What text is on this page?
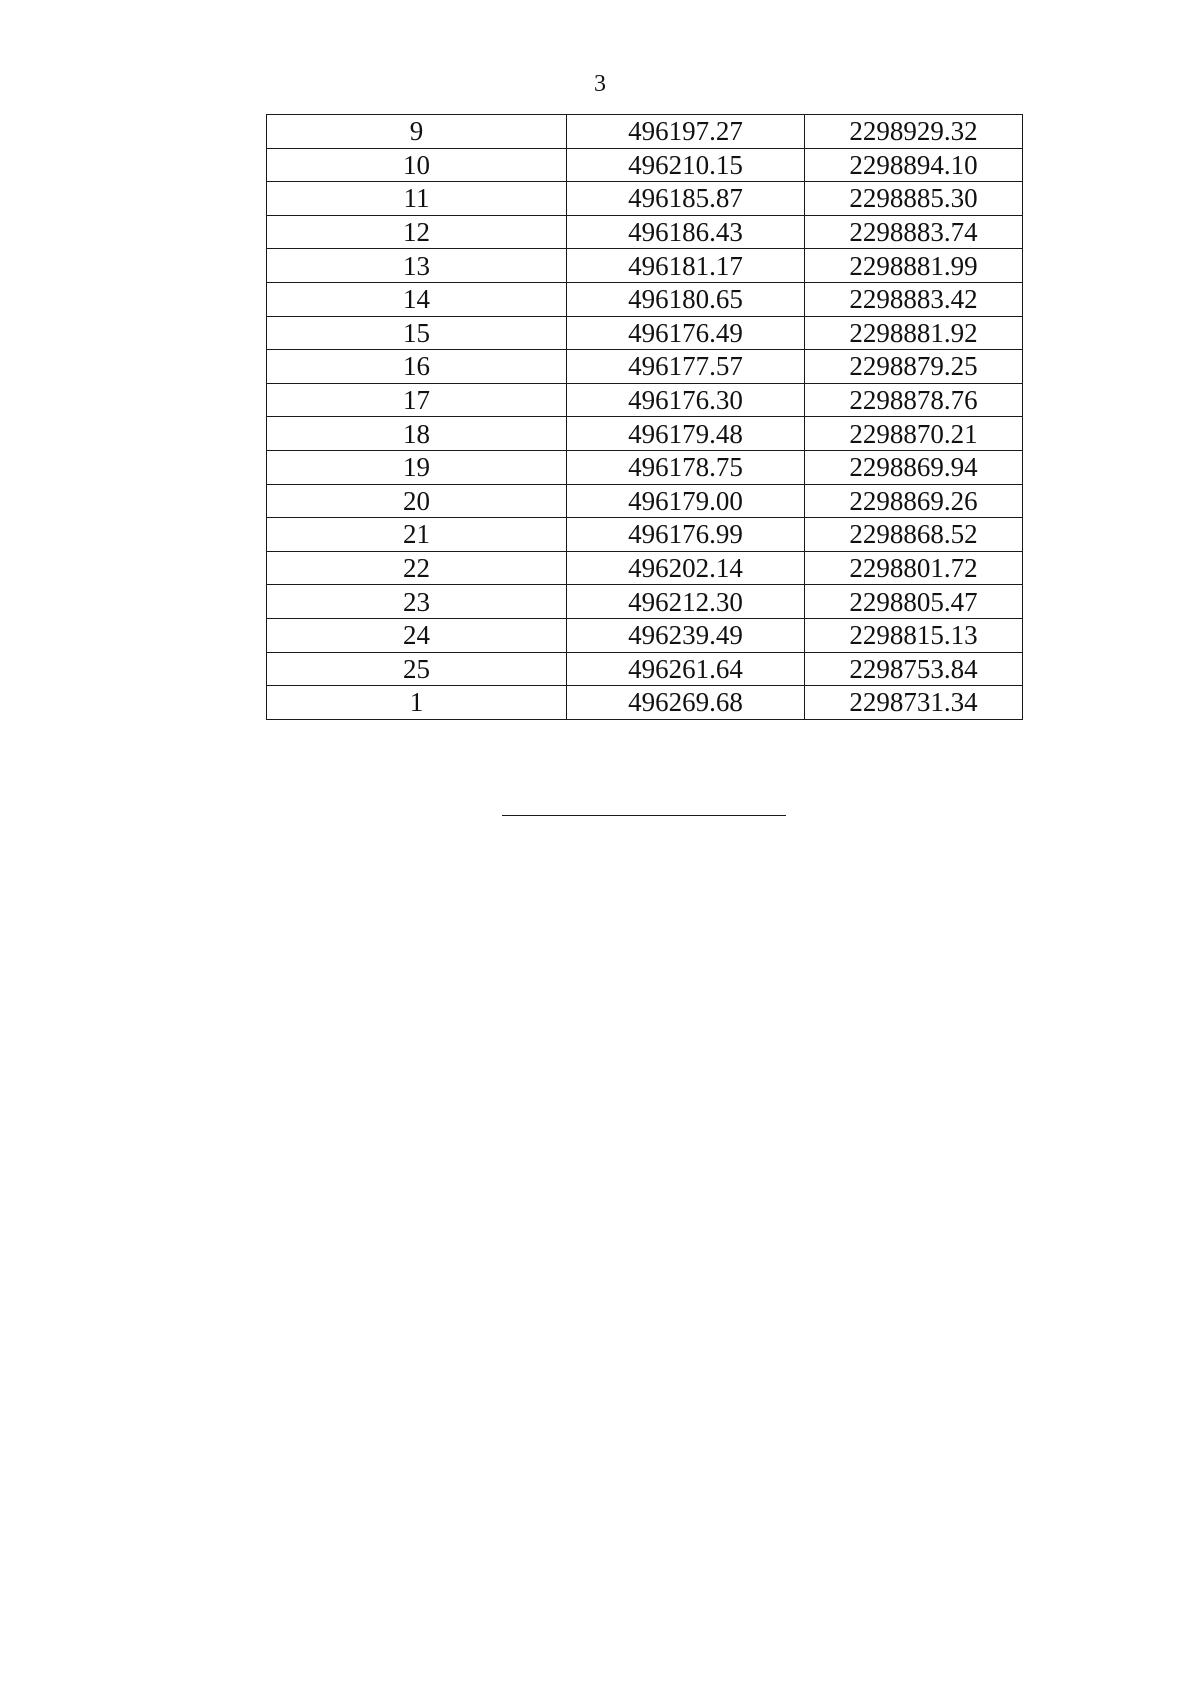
3
9	496197.27	2298929.32
10	496210.15	2298894.10
11	496185.87	2298885.30
12	496186.43	2298883.74
13	496181.17	2298881.99
14	496180.65	2298883.42
15	496176.49	2298881.92
16	496177.57	2298879.25
17	496176.30	2298878.76
18	496179.48	2298870.21
19	496178.75	2298869.94
20	496179.00	2298869.26
21	496176.99	2298868.52
22	496202.14	2298801.72
23	496212.30	2298805.47
24	496239.49	2298815.13
25	496261.64	2298753.84
1	496269.68	2298731.34
